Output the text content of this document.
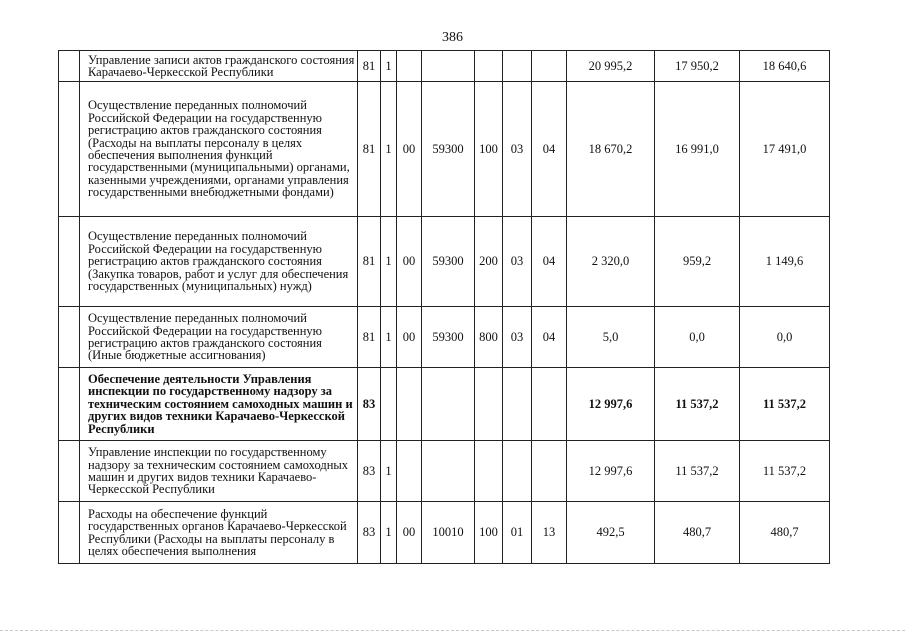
386
	Управление записи актов гражданского состояния Карачаево-Черкесской Республики	81	1						20 995,2	17 950,2	18 640,6
	Осуществление переданных полномочий Российской Федерации на государственную регистрацию актов гражданского состояния (Расходы на выплаты персоналу в целях обеспечения выполнения функций государственными (муниципальными) органами, казенными учреждениями, органами управления государственными внебюджетными фондами)	81	1	00	59300	100	03	04	18 670,2	16 991,0	17 491,0
	Осуществление переданных полномочий Российской Федерации на государственную регистрацию актов гражданского состояния (Закупка товаров, работ и услуг для обеспечения государственных (муниципальных) нужд)	81	1	00	59300	200	03	04	2 320,0	959,2	1 149,6
	Осуществление переданных полномочий Российской Федерации на государственную регистрацию актов гражданского состояния (Иные бюджетные ассигнования)	81	1	00	59300	800	03	04	5,0	0,0	0,0
	Обеспечение деятельности Управления инспекции по государственному надзору за техническим состоянием самоходных машин и других видов техники Карачаево-Черкесской Республики	83							12 997,6	11 537,2	11 537,2
	Управление инспекции по государственному надзору за техническим состоянием самоходных машин и других видов техники Карачаево-Черкесской Республики	83	1						12 997,6	11 537,2	11 537,2
	Расходы на обеспечение функций государственных органов Карачаево-Черкесской Республики (Расходы на выплаты персоналу в целях обеспечения выполнения	83	1	00	10010	100	01	13	492,5	480,7	480,7
